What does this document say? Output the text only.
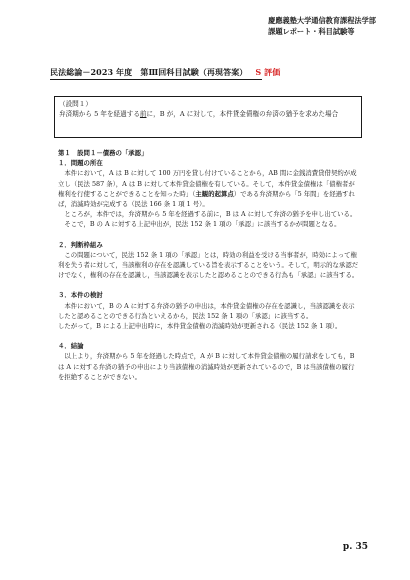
慶應義塾大学通信教育課程法学部
課題レポート・科目試験等
民法総論－2023 年度　第Ⅲ回科目試験（再現答案） S 評価
（設問１）
弁済期から 5 年を経過する前に，B が，A に対して，本件貸金債権の弁済の猶予を求めた場合

第１　設問１－債務の「承認」

１．問題の所在

本件において，A は B に対して 100 万円を貸し付けていることから，AB 間に金銭消費貸借契約が成立し（民法 587 条），A は B に対して本件貸金債権を有している。そして，本件貸金債権は「債権者が権利を行使することができることを知った時」（主観的起算点）である弁済期から「5 年間」を経過すれば，消滅時効が完成する（民法 166 条 1 項 1 号）。

ところが，本件では，弁済期から 5 年を経過する前に，B は A に対して弁済の猶予を申し出ている。

そこで，B の A に対する上記申出が，民法 152 条 1 項の「承認」に該当するかが問題となる。

２．判断枠組み

この問題について，民法 152 条 1 項の「承認」とは，時効の利益を受ける当事者が，時効によって権利を失う者に対して，当該権利の存在を認識している旨を表示することをいう。そして，明示的な承認だけでなく，権利の存在を認識し，当該認識を表示したと認めることのできる行為も「承認」に該当する。

３．本件の検討

本件において，B の A に対する弁済の猶予の申出は，本件貸金債権の存在を認識し，当該認識を表示したと認めることのできる行為といえるから，民法 152 条 1 項の「承認」に該当する。

したがって，B による上記申出時に，本件貸金債権の消滅時効が更新される（民法 152 条 1 項）。

４．結論

以上より，弁済期から 5 年を経過した時点で，A が B に対して本件貸金債権の履行請求をしても，B は A に対する弁済の猶予の申出により当該債権の消滅時効が更新されているので，B は当該債権の履行を拒絶することができない。

p. 35
